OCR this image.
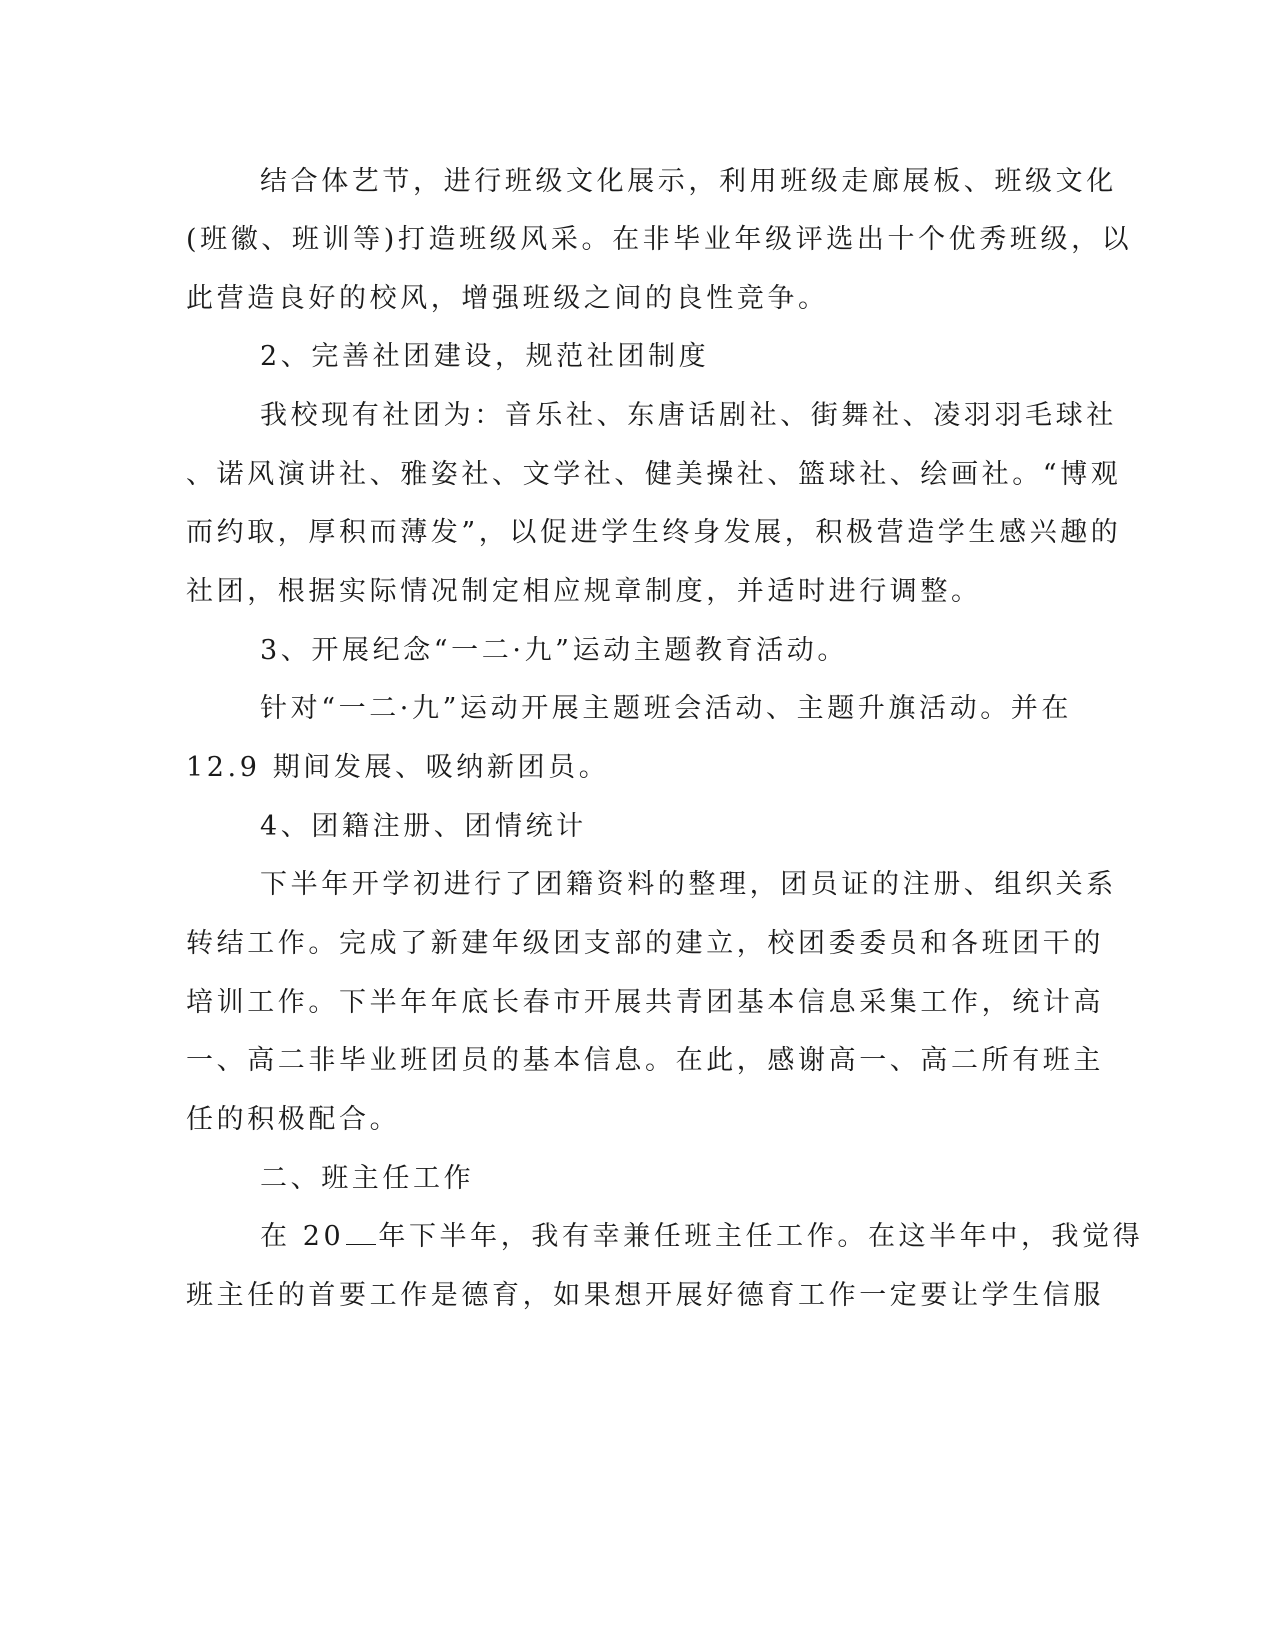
结合体艺节，进行班级文化展示，利用班级走廊展板、班级文化
(班徽、班训等)打造班级风采。在非毕业年级评选出十个优秀班级，以
此营造良好的校风，增强班级之间的良性竞争。
2、完善社团建设，规范社团制度
我校现有社团为：音乐社、东唐话剧社、街舞社、凌羽羽毛球社
、诺风演讲社、雅姿社、文学社、健美操社、篮球社、绘画社。“博观
而约取，厚积而薄发”，以促进学生终身发展，积极营造学生感兴趣的
社团，根据实际情况制定相应规章制度，并适时进行调整。
3、开展纪念“一二·九”运动主题教育活动。
针对“一二·九”运动开展主题班会活动、主题升旗活动。并在
12.9 期间发展、吸纳新团员。
4、团籍注册、团情统计
下半年开学初进行了团籍资料的整理，团员证的注册、组织关系
转结工作。完成了新建年级团支部的建立，校团委委员和各班团干的
培训工作。下半年年底长春市开展共青团基本信息采集工作，统计高
一、高二非毕业班团员的基本信息。在此，感谢高一、高二所有班主
任的积极配合。
二、班主任工作
在 20 年下半年，我有幸兼任班主任工作。在这半年中，我觉得
班主任的首要工作是德育，如果想开展好德育工作一定要让学生信服
